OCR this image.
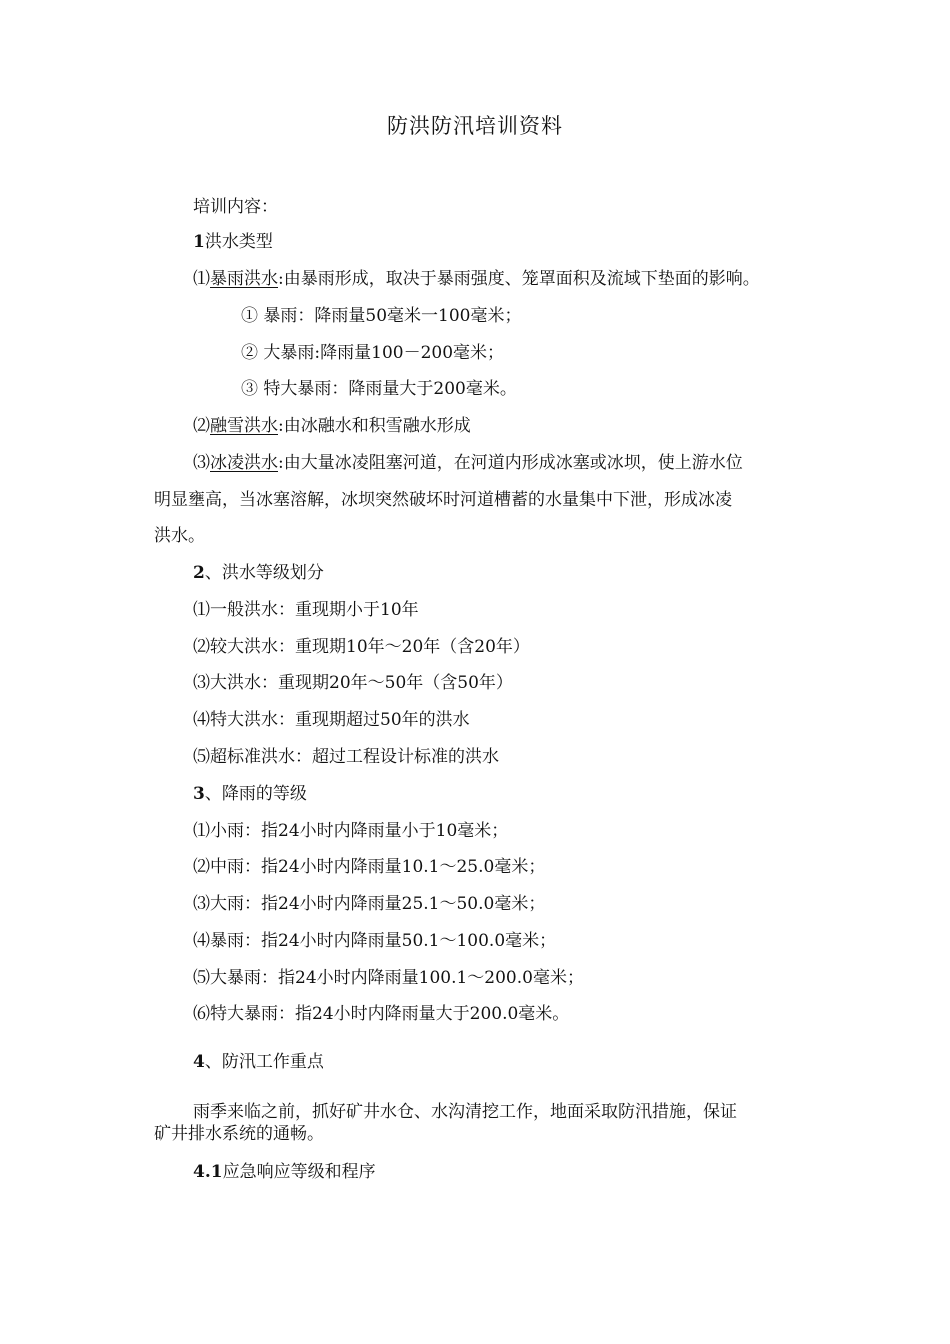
防洪防汛培训资料
培训内容：
1洪水类型
⑴暴雨洪水:由暴雨形成，取决于暴雨强度、笼罩面积及流域下垫面的影响。
① 暴雨：降雨量50毫米一100毫米；
② 大暴雨:降雨量100－200毫米；
③ 特大暴雨：降雨量大于200毫米。
⑵融雪洪水:由冰融水和积雪融水形成
⑶冰凌洪水:由大量冰凌阻塞河道，在河道内形成冰塞或冰坝，使上游水位
明显壅高，当冰塞溶解，冰坝突然破坏时河道槽蓄的水量集中下泄，形成冰凌
洪水。
2、洪水等级划分
⑴一般洪水：重现期小于10年
⑵较大洪水：重现期10年〜20年（含20年）
⑶大洪水：重现期20年〜50年（含50年）
⑷特大洪水：重现期超过50年的洪水
⑸超标准洪水：超过工程设计标准的洪水
3、降雨的等级
⑴小雨：指24小时内降雨量小于10毫米；
⑵中雨：指24小时内降雨量10.1〜25.0毫米；
⑶大雨：指24小时内降雨量25.1〜50.0毫米；
⑷暴雨：指24小时内降雨量50.1〜100.0毫米；
⑸大暴雨：指24小时内降雨量100.1〜200.0毫米；
⑹特大暴雨：指24小时内降雨量大于200.0毫米。
4、防汛工作重点
雨季来临之前，抓好矿井水仓、水沟清挖工作，地面采取防汛措施，保证
矿井排水系统的通畅。
4.1应急响应等级和程序
